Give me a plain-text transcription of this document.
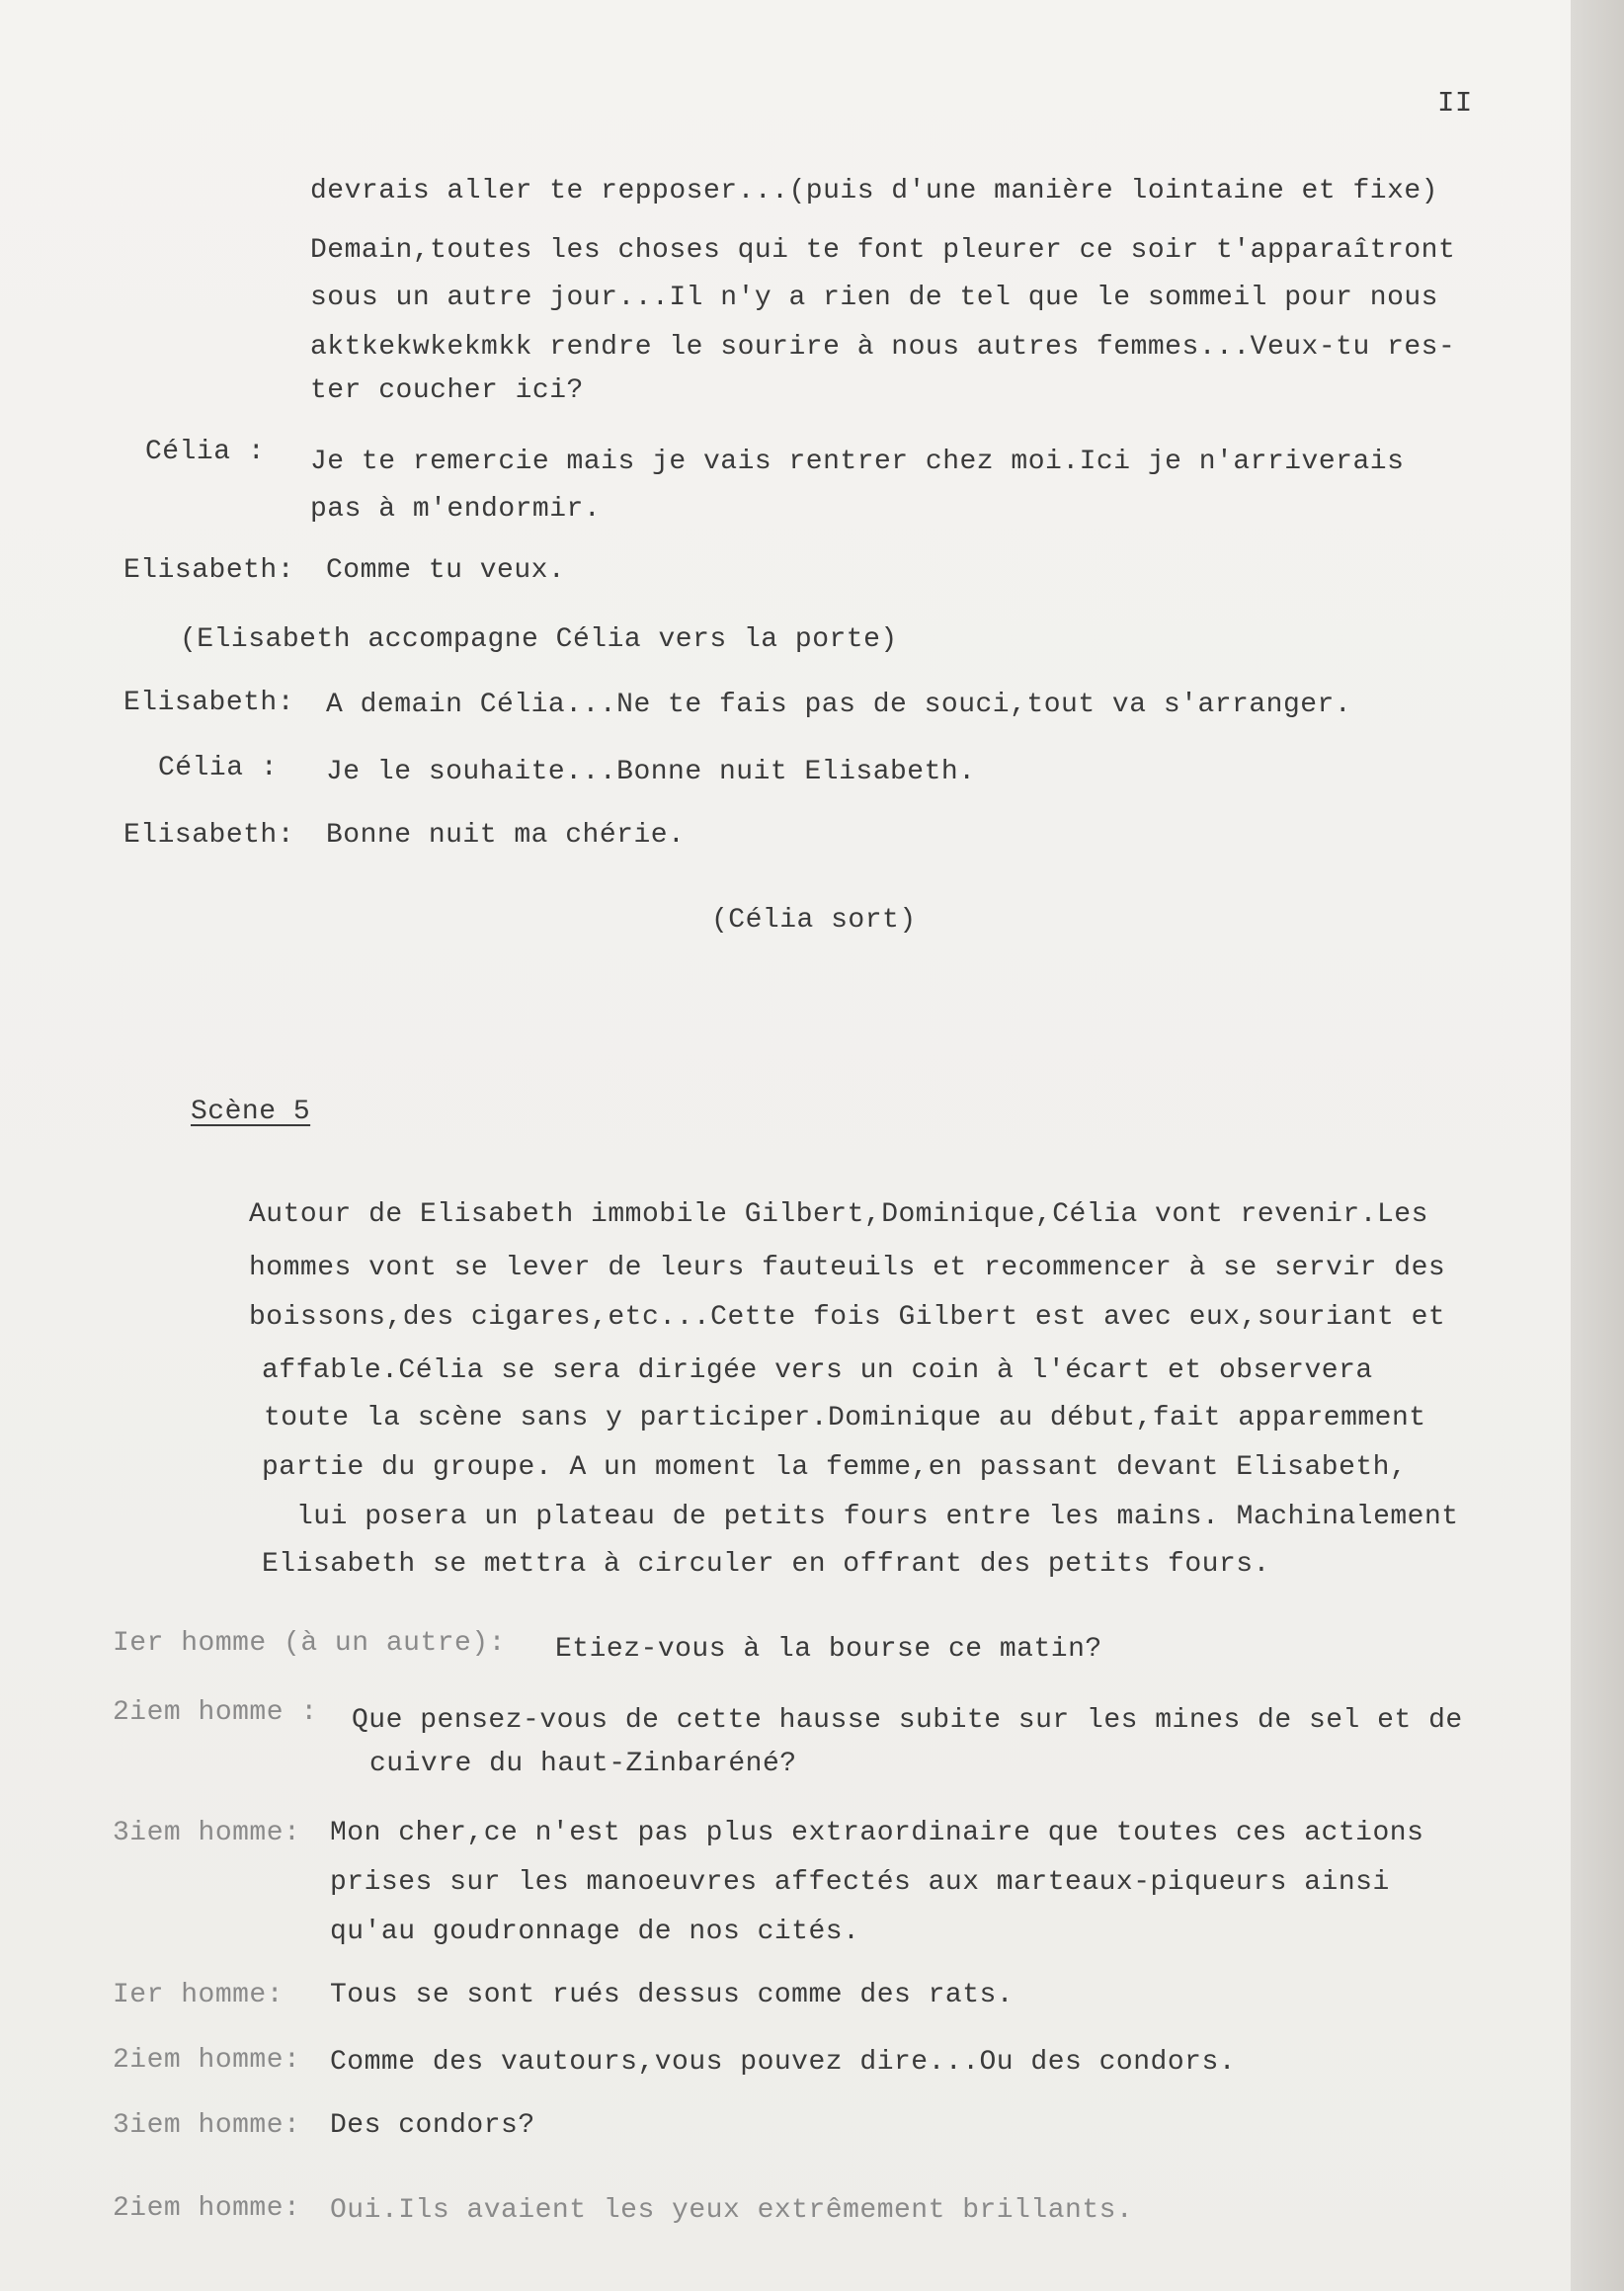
II
devrais aller te repposer...(puis d'une manière lointaine et fixe)
Demain,toutes les choses qui te font pleurer ce soir t'apparaîtront
sous un autre jour...Il n'y a rien de tel que le sommeil pour nous
aktkekwkekmkk rendre le sourire à nous autres femmes...Veux-tu res-
ter coucher ici?
Célia : Je te remercie mais je vais rentrer chez moi.Ici je n'arriverais
pas à m'endormir.
Elisabeth: Comme tu veux.
(Elisabeth accompagne Célia vers la porte)
Elisabeth: A demain Célia...Ne te fais pas de souci,tout va s'arranger.
Célia : Je le souhaite...Bonne nuit Elisabeth.
Elisabeth: Bonne nuit ma chérie.
(Célia sort)
Scène 5
Autour de Elisabeth immobile Gilbert,Dominique,Célia vont revenir.Les
hommes vont se lever de leurs fauteuils et recommencer à se servir des
boissons,des cigares,etc...Cette fois Gilbert est avec eux,souriant et
affable.Célia se sera dirigée vers un coin à l'écart et observera
toute la scène sans y participer.Dominique au début,fait apparemment
partie du groupe. A un moment la femme,en passant devant Elisabeth,
lui posera un plateau de petits fours entre les mains. Machinalement
Elisabeth se mettra à circuler en offrant des petits fours.
Ier homme (à un autre): Etiez-vous à la bourse ce matin?
2iem homme : Que pensez-vous de cette hausse subite sur les mines de sel et de
cuivre du haut-Zinbaréné?
3iem homme: Mon cher,ce n'est pas plus extraordinaire que toutes ces actions
prises sur les manoeuvres affectés aux marteaux-piqueurs ainsi
qu'au goudronnage de nos cités.
Ier homme: Tous se sont rués dessus comme des rats.
2iem homme: Comme des vautours,vous pouvez dire...Ou des condors.
3iem homme: Des condors?
2iem homme: Oui.Ils avaient les yeux extrêmement brillants.
